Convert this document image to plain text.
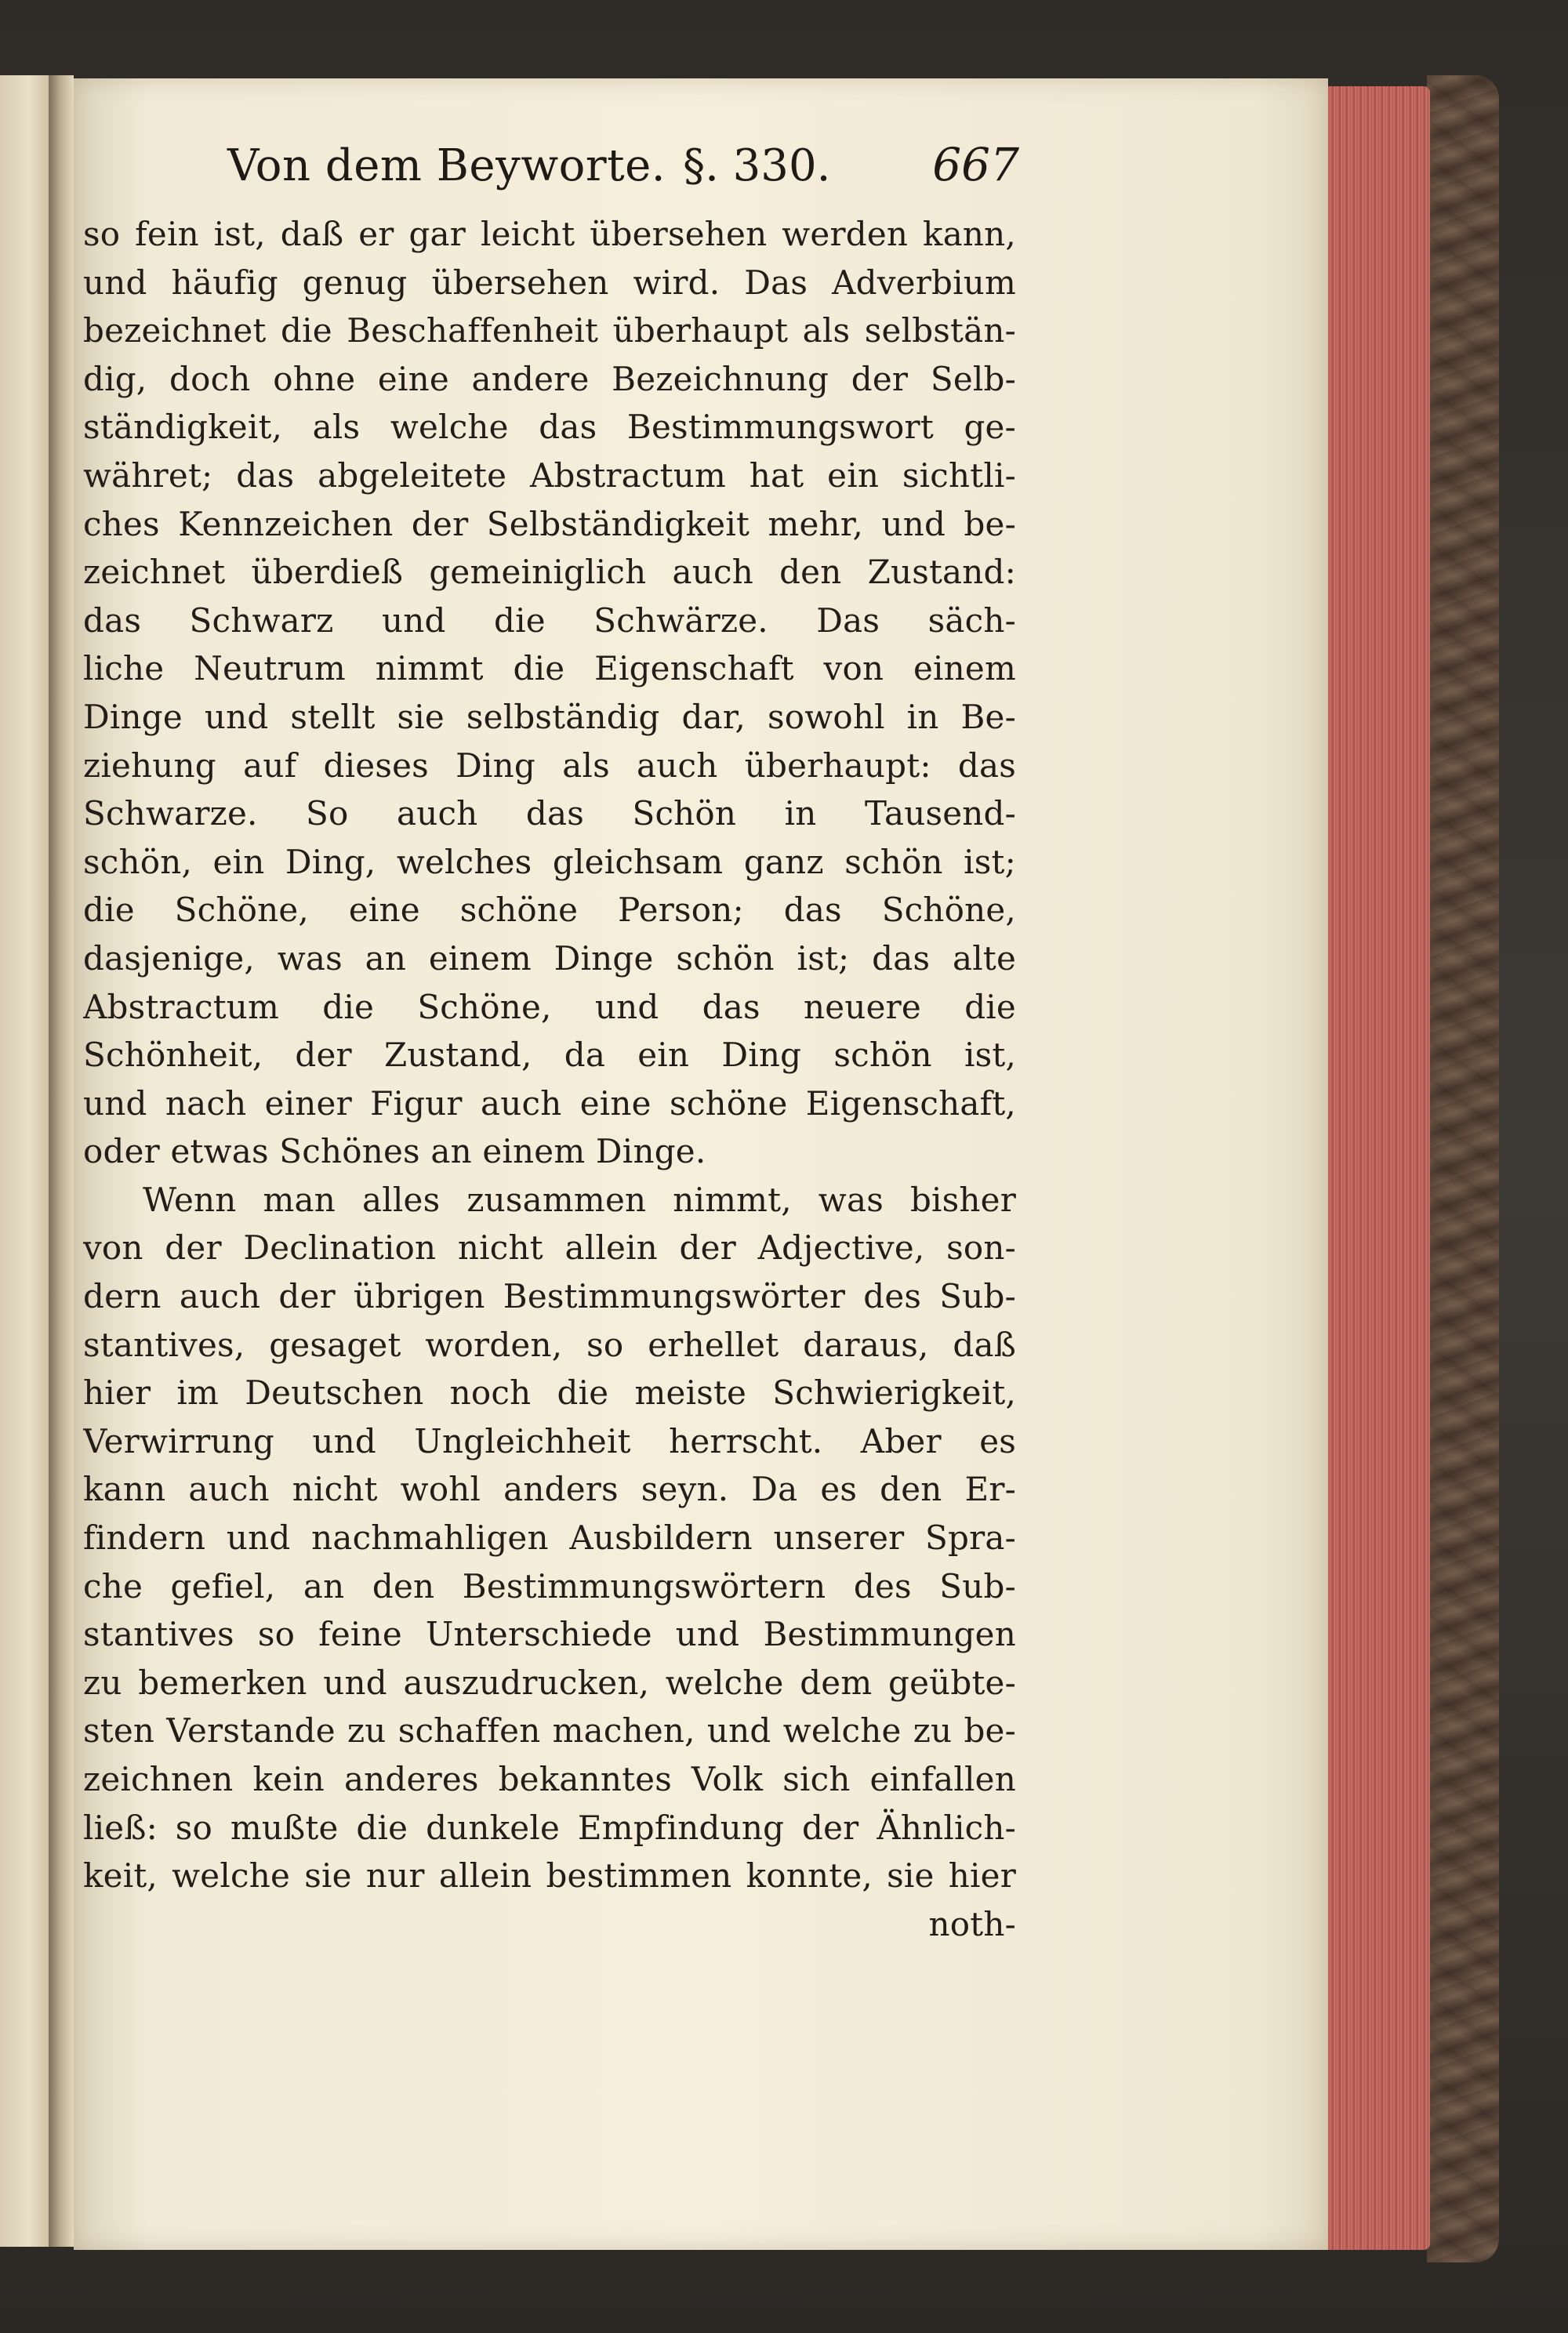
Von dem Beyworte. §. 330. 667
so fein ist, daß er gar leicht übersehen werden kann,
und häufig genug übersehen wird. Das Adverbium
bezeichnet die Beschaffenheit überhaupt als selbstän-
dig, doch ohne eine andere Bezeichnung der Selb-
ständigkeit, als welche das Bestimmungswort ge-
währet; das abgeleitete Abstractum hat ein sichtli-
ches Kennzeichen der Selbständigkeit mehr, und be-
zeichnet überdieß gemeiniglich auch den Zustand:
das Schwarz und die Schwärze. Das säch-
liche Neutrum nimmt die Eigenschaft von einem
Dinge und stellt sie selbständig dar, sowohl in Be-
ziehung auf dieses Ding als auch überhaupt: das
Schwarze. So auch das Schön in Tausend-
schön, ein Ding, welches gleichsam ganz schön ist;
die Schöne, eine schöne Person; das Schöne,
dasjenige, was an einem Dinge schön ist; das alte
Abstractum die Schöne, und das neuere die
Schönheit, der Zustand, da ein Ding schön ist,
und nach einer Figur auch eine schöne Eigenschaft,
oder etwas Schönes an einem Dinge.
Wenn man alles zusammen nimmt, was bisher
von der Declination nicht allein der Adjective, son-
dern auch der übrigen Bestimmungswörter des Sub-
stantives, gesaget worden, so erhellet daraus, daß
hier im Deutschen noch die meiste Schwierigkeit,
Verwirrung und Ungleichheit herrscht. Aber es
kann auch nicht wohl anders seyn. Da es den Er-
findern und nachmahligen Ausbildern unserer Spra-
che gefiel, an den Bestimmungswörtern des Sub-
stantives so feine Unterschiede und Bestimmungen
zu bemerken und auszudrucken, welche dem geübte-
sten Verstande zu schaffen machen, und welche zu be-
zeichnen kein anderes bekanntes Volk sich einfallen
ließ: so mußte die dunkele Empfindung der Ähnlich-
keit, welche sie nur allein bestimmen konnte, sie hier
noth-
